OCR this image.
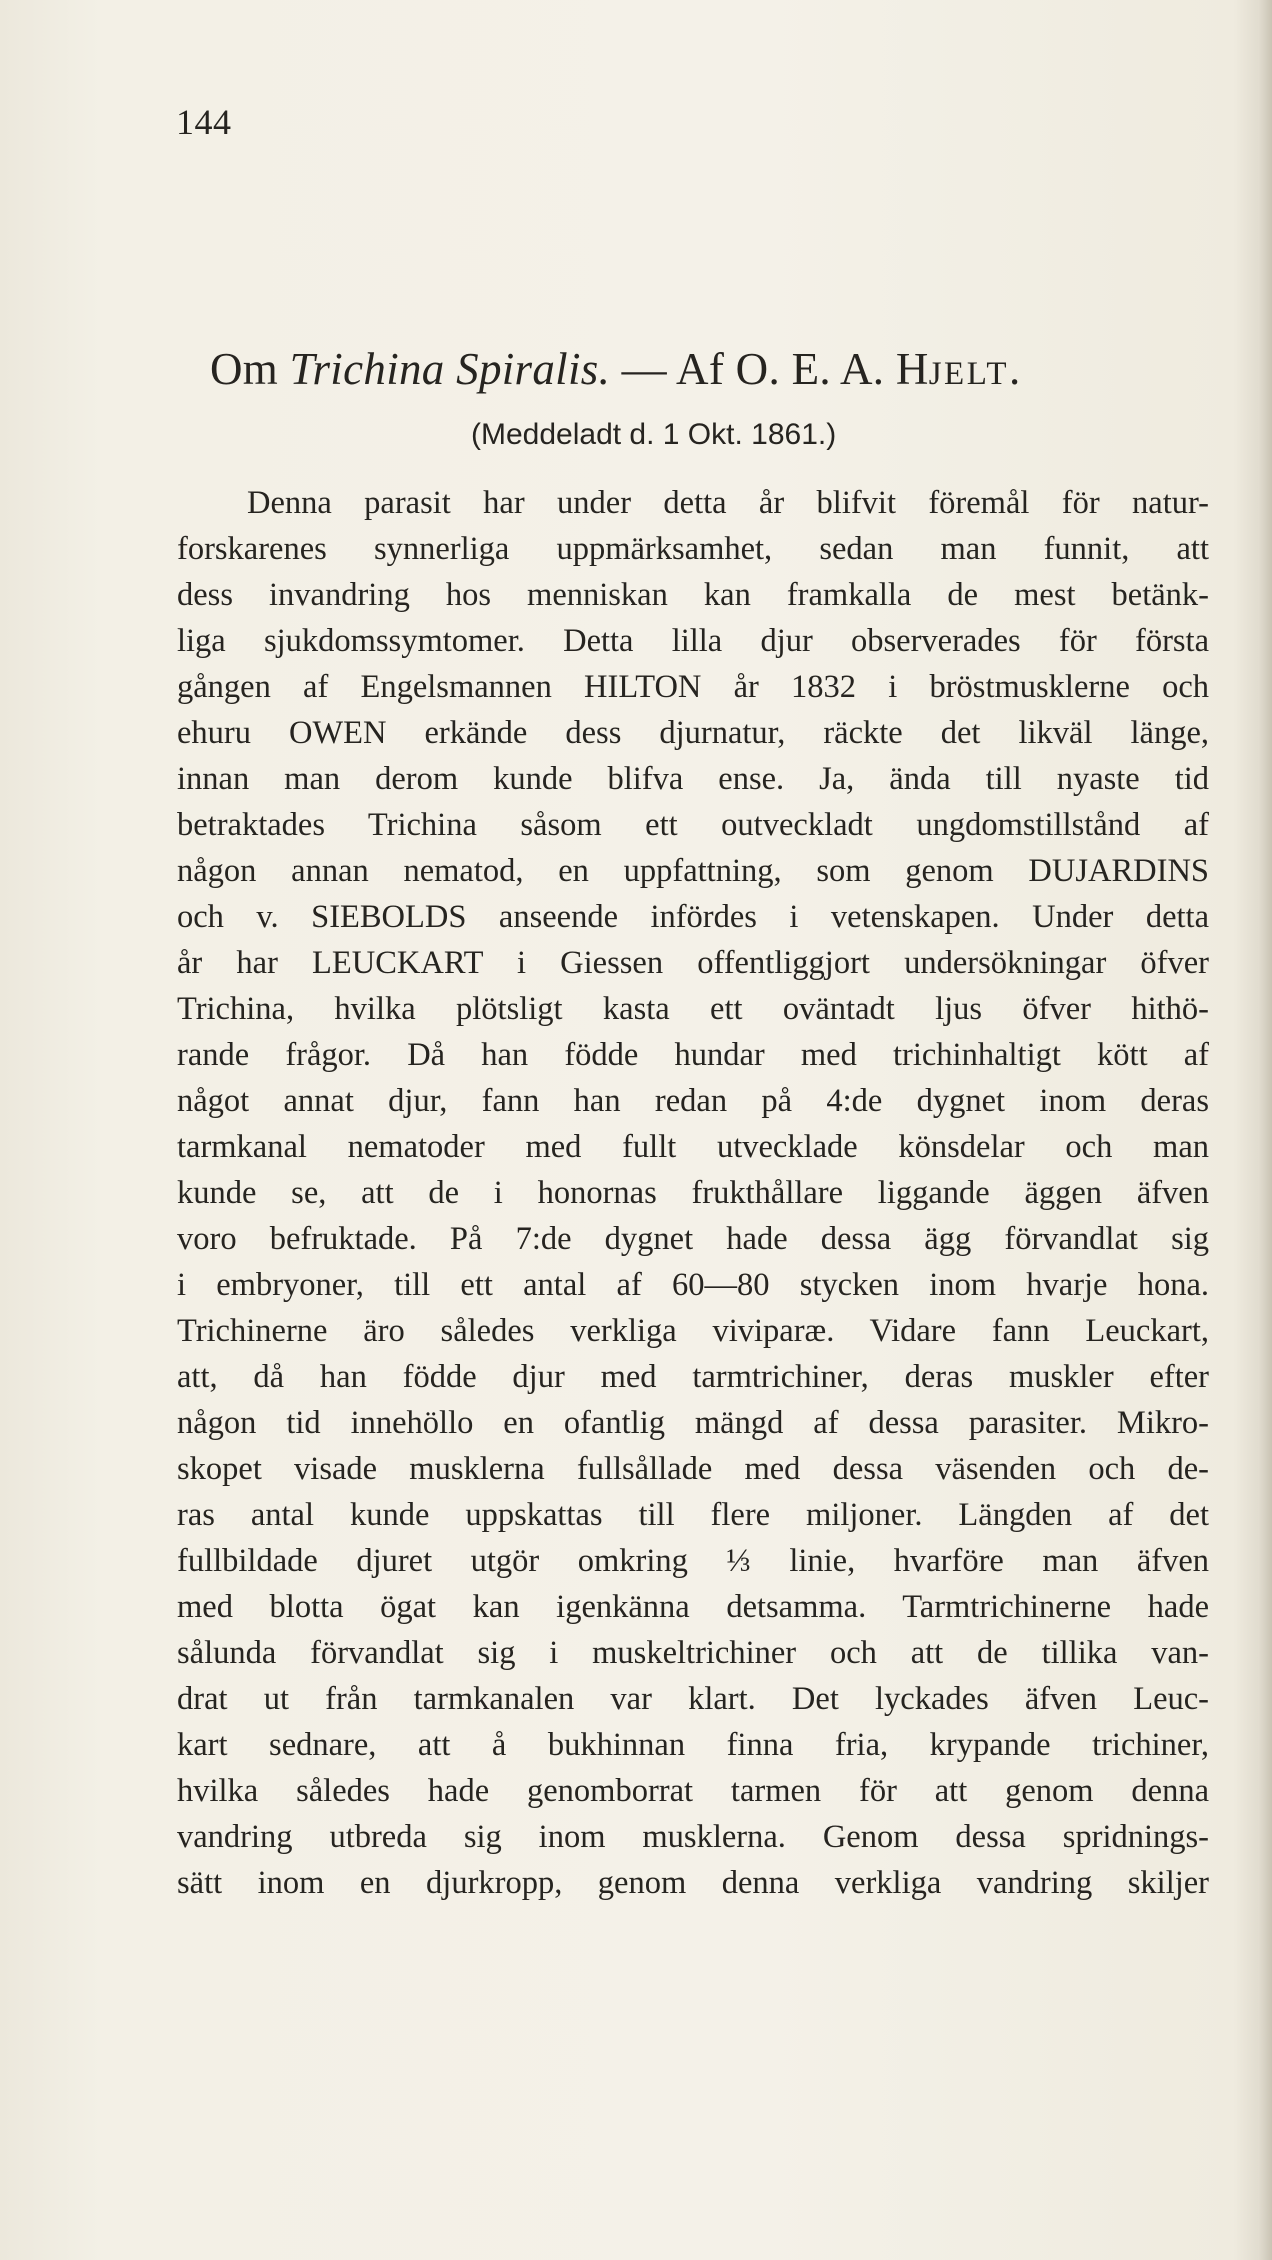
144
Om Trichina Spiralis. — Af O. E. A. HJELT.
(Meddeladt d. 1 Okt. 1861.)
Denna parasit har under detta år blifvit föremål för natur-
forskarenes synnerliga uppmärksamhet, sedan man funnit, att
dess invandring hos menniskan kan framkalla de mest betänk-
liga sjukdomssymtomer. Detta lilla djur observerades för första
gången af Engelsmannen HILTON år 1832 i bröstmusklerne och
ehuru OWEN erkände dess djurnatur, räckte det likväl länge,
innan man derom kunde blifva ense. Ja, ända till nyaste tid
betraktades Trichina såsom ett outveckladt ungdomstillstånd af
någon annan nematod, en uppfattning, som genom DUJARDINS
och v. SIEBOLDS anseende infördes i vetenskapen. Under detta
år har LEUCKART i Giessen offentliggjort undersökningar öfver
Trichina, hvilka plötsligt kasta ett oväntadt ljus öfver hithö-
rande frågor. Då han födde hundar med trichinhaltigt kött af
något annat djur, fann han redan på 4:de dygnet inom deras
tarmkanal nematoder med fullt utvecklade könsdelar och man
kunde se, att de i honornas frukthållare liggande äggen äfven
voro befruktade. På 7:de dygnet hade dessa ägg förvandlat sig
i embryoner, till ett antal af 60—80 stycken inom hvarje hona.
Trichinerne äro således verkliga viviparæ. Vidare fann Leuckart,
att, då han födde djur med tarmtrichiner, deras muskler efter
någon tid innehöllo en ofantlig mängd af dessa parasiter. Mikro-
skopet visade musklerna fullsållade med dessa väsenden och de-
ras antal kunde uppskattas till flere miljoner. Längden af det
fullbildade djuret utgör omkring ⅓ linie, hvarföre man äfven
med blotta ögat kan igenkänna detsamma. Tarmtrichinerne hade
sålunda förvandlat sig i muskeltrichiner och att de tillika van-
drat ut från tarmkanalen var klart. Det lyckades äfven Leuc-
kart sednare, att å bukhinnan finna fria, krypande trichiner,
hvilka således hade genomborrat tarmen för att genom denna
vandring utbreda sig inom musklerna. Genom dessa spridnings-
sätt inom en djurkropp, genom denna verkliga vandring skiljer
